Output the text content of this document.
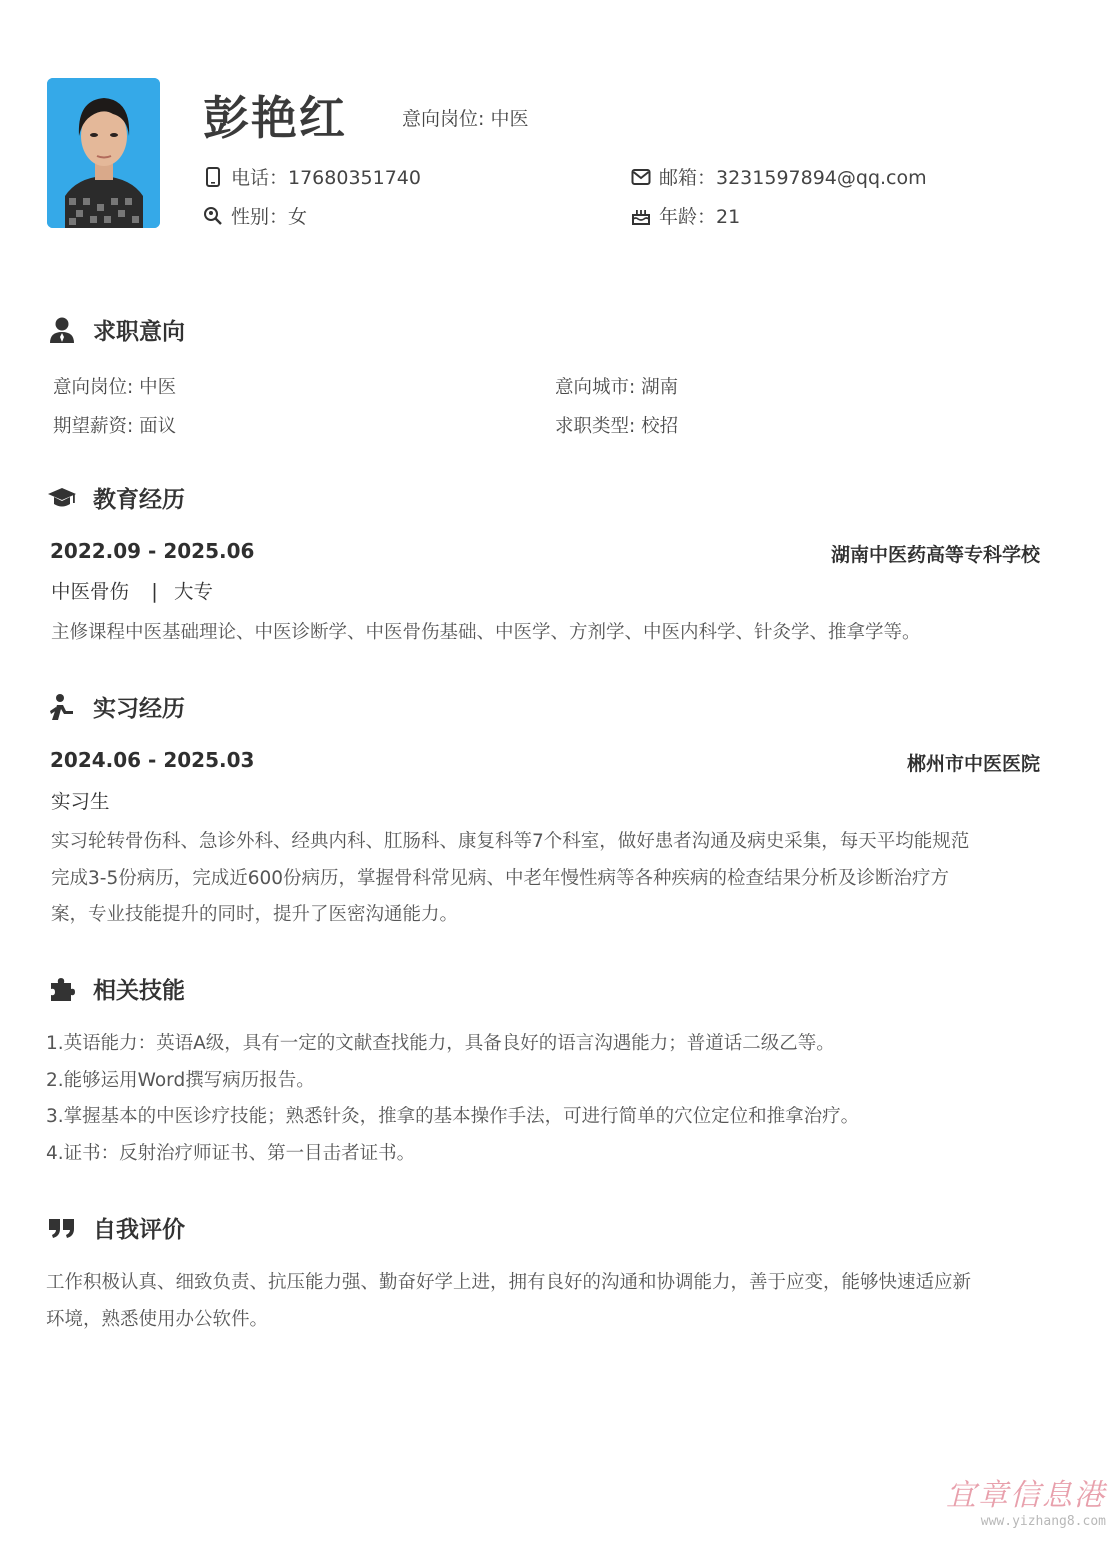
彭艳红	意向岗位: 中医
电话：17680351740	邮箱：3231597894@qq.com
性别：女	年龄：21
求职意向
意向岗位: 中医	意向城市: 湖南
期望薪资: 面议	求职类型: 校招
教育经历
2022.09 - 2025.06	湖南中医药高等专科学校
中医骨伤 | 大专
主修课程中医基础理论、中医诊断学、中医骨伤基础、中医学、方剂学、中医内科学、针灸学、推拿学等。
实习经历
2024.06 - 2025.03	郴州市中医医院
实习生
实习轮转骨伤科、急诊外科、经典内科、肛肠科、康复科等7个科室，做好患者沟通及病史采集，每天平均能规范
完成3-5份病历，完成近600份病历，掌握骨科常见病、中老年慢性病等各种疾病的检查结果分析及诊断治疗方
案，专业技能提升的同时，提升了医密沟通能力。
相关技能
1.英语能力：英语A级，具有一定的文献查找能力，具备良好的语言沟遇能力；普道话二级乙等。
2.能够运用Word撰写病历报告。
3.掌握基本的中医诊疗技能；熟悉针灸，推拿的基本操作手法，可进行简单的穴位定位和推拿治疗。
4.证书：反射治疗师证书、第一目击者证书。
自我评价
工作积极认真、细致负责、抗压能力强、勤奋好学上进，拥有良好的沟通和协调能力，善于应变，能够快速适应新
环境，熟悉使用办公软件。
宜章信息港
www.yizhang8.com
